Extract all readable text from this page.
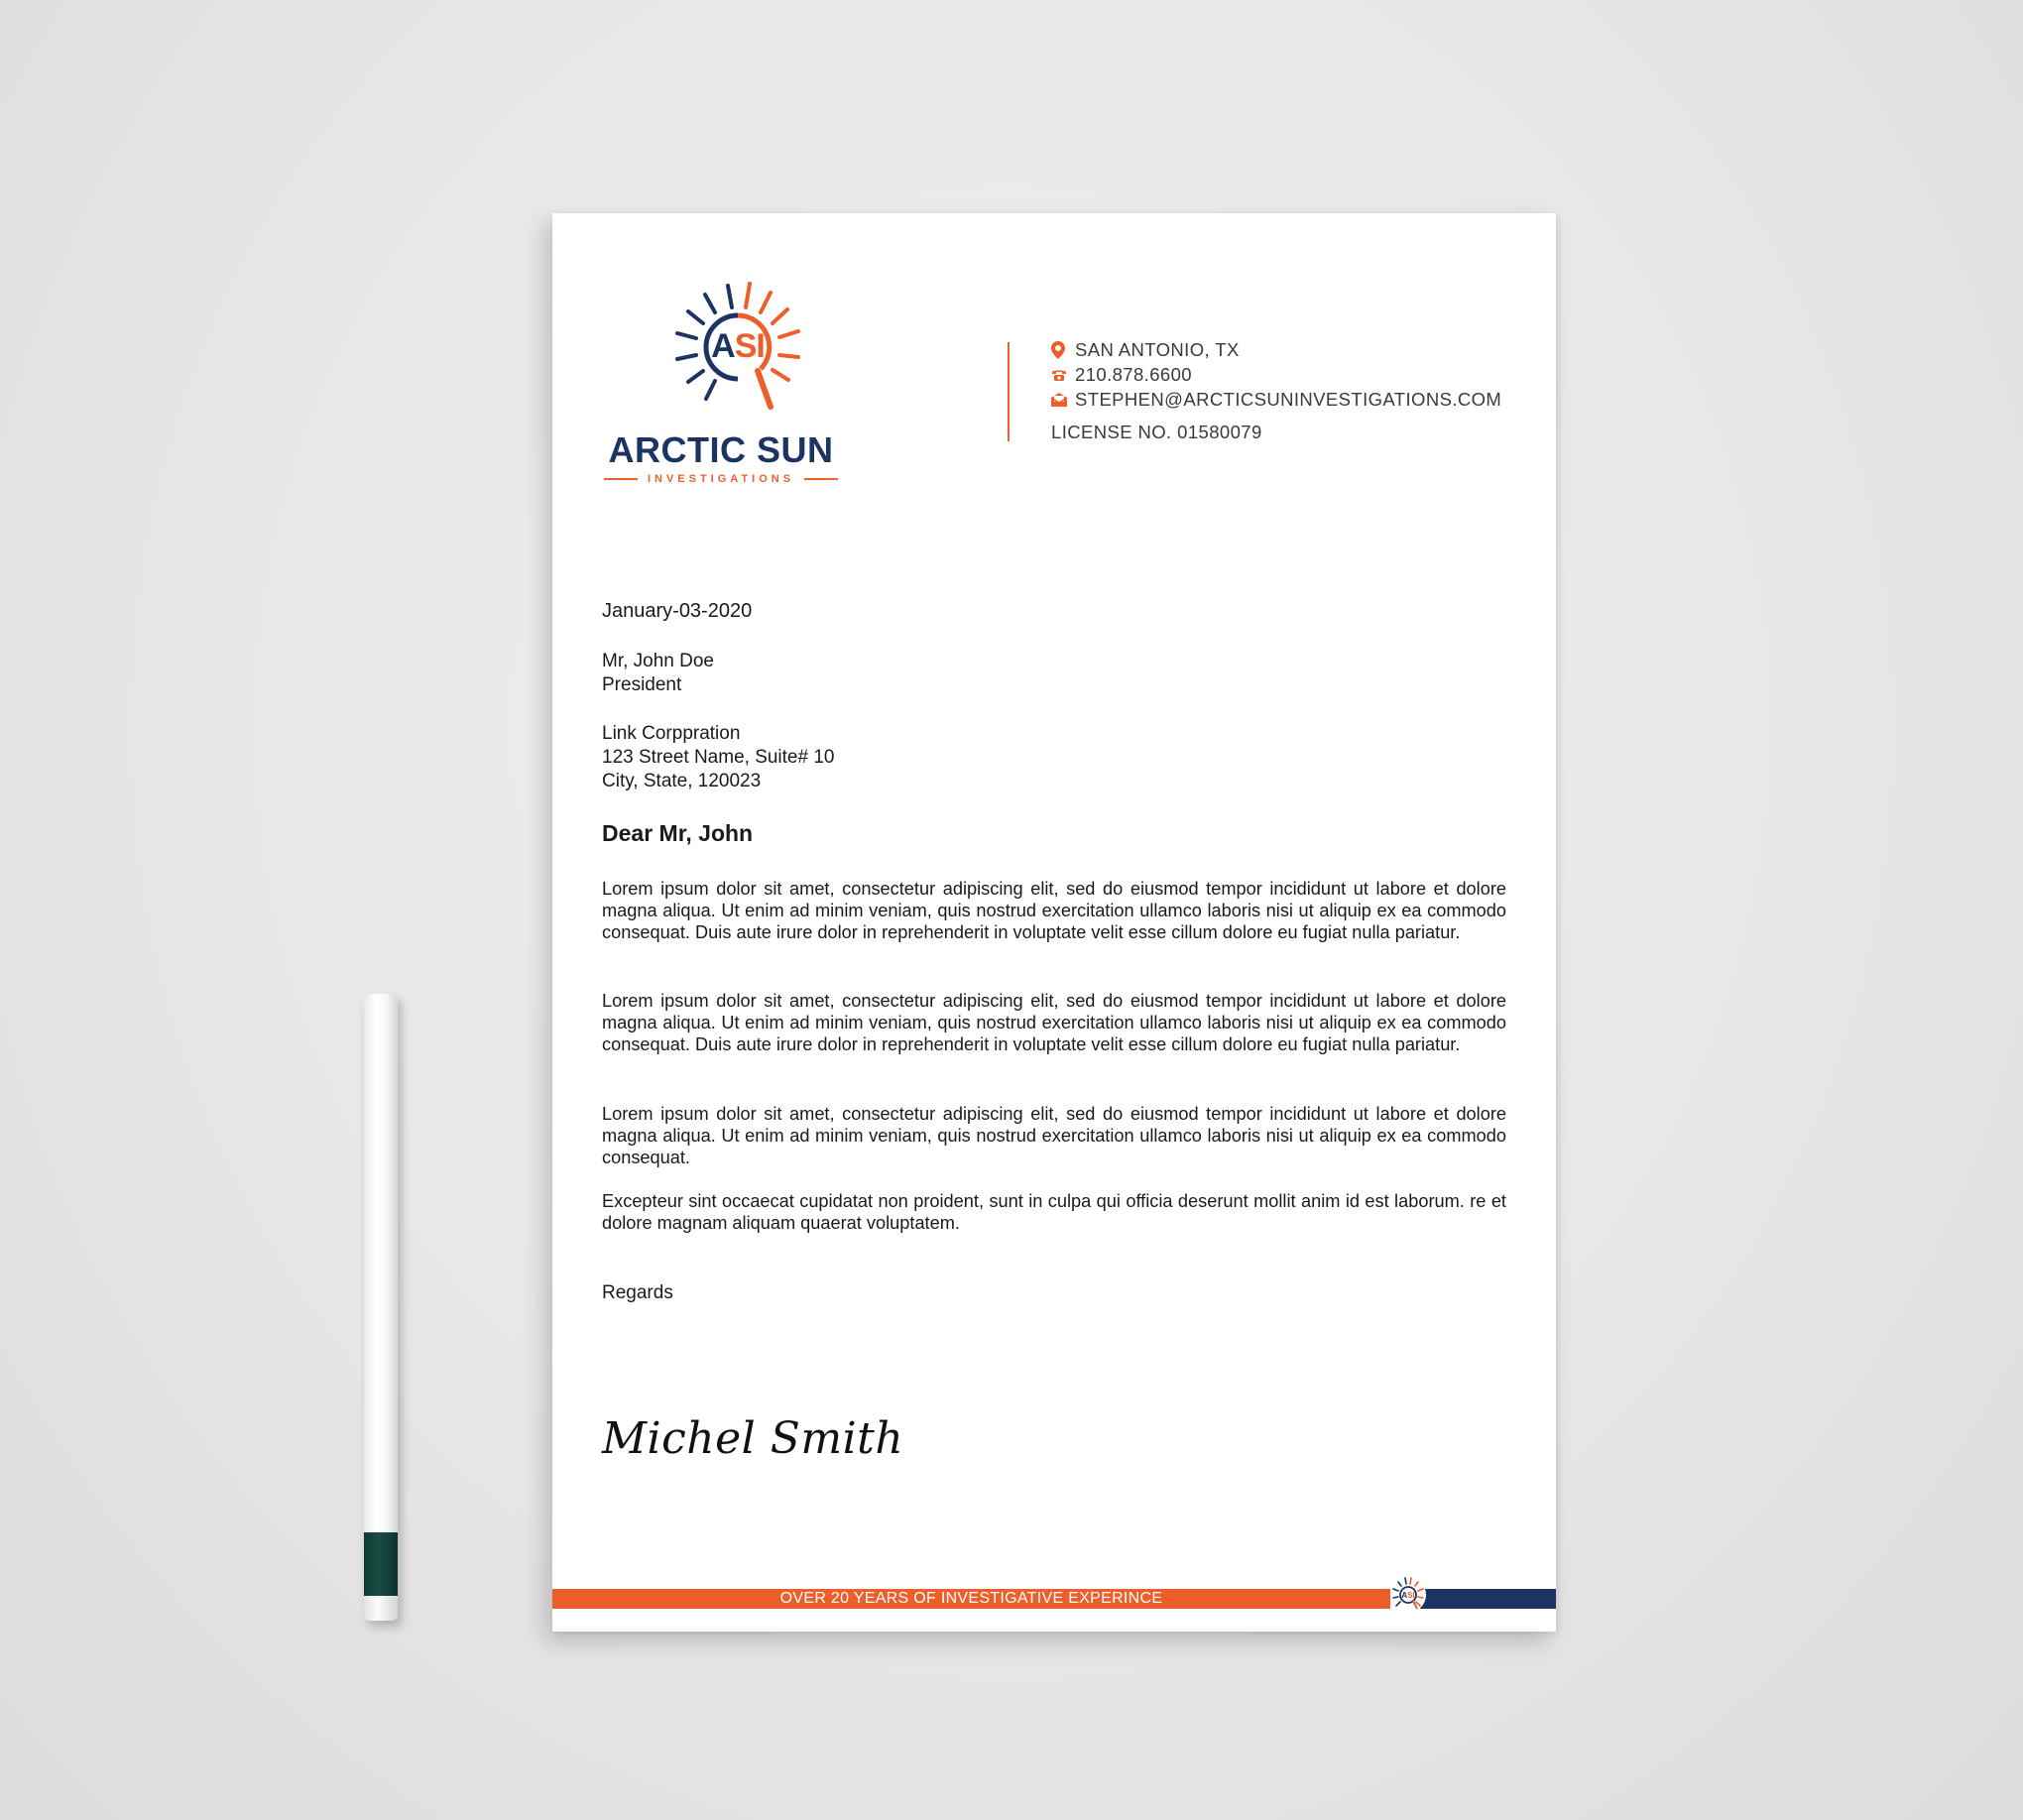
ASI
ARCTIC SUN
INVESTIGATIONS
SAN ANTONIO, TX
210.878.6600
STEPHEN@ARCTICSUNINVESTIGATIONS.COM
LICENSE NO. 01580079
January-03-2020
Mr, John Doe
President
Link Corppration
123 Street Name, Suite# 10
City, State, 120023
Dear Mr, John

Lorem ipsum dolor sit amet, consectetur adipiscing elit, sed do eiusmod tempor incididunt ut labore et dolore magna aliqua. Ut enim ad minim veniam, quis nostrud exercitation ullamco laboris nisi ut aliquip ex ea commodo consequat. Duis aute irure dolor in reprehenderit in voluptate velit esse cillum dolore eu fugiat nulla pariatur.

Lorem ipsum dolor sit amet, consectetur adipiscing elit, sed do eiusmod tempor incididunt ut labore et dolore magna aliqua. Ut enim ad minim veniam, quis nostrud exercitation ullamco laboris nisi ut aliquip ex ea commodo consequat. Duis aute irure dolor in reprehenderit in voluptate velit esse cillum dolore eu fugiat nulla pariatur.

Lorem ipsum dolor sit amet, consectetur adipiscing elit, sed do eiusmod tempor incididunt ut labore et dolore magna aliqua. Ut enim ad minim veniam, quis nostrud exercitation ullamco laboris nisi ut aliquip ex ea commodo consequat.

Excepteur sint occaecat cupidatat non proident, sunt in culpa qui officia deserunt mollit anim id est laborum. re et dolore magnam aliquam quaerat voluptatem.

Regards
Michel Smith
OVER 20 YEARS OF INVESTIGATIVE EXPERINCE	ASI
